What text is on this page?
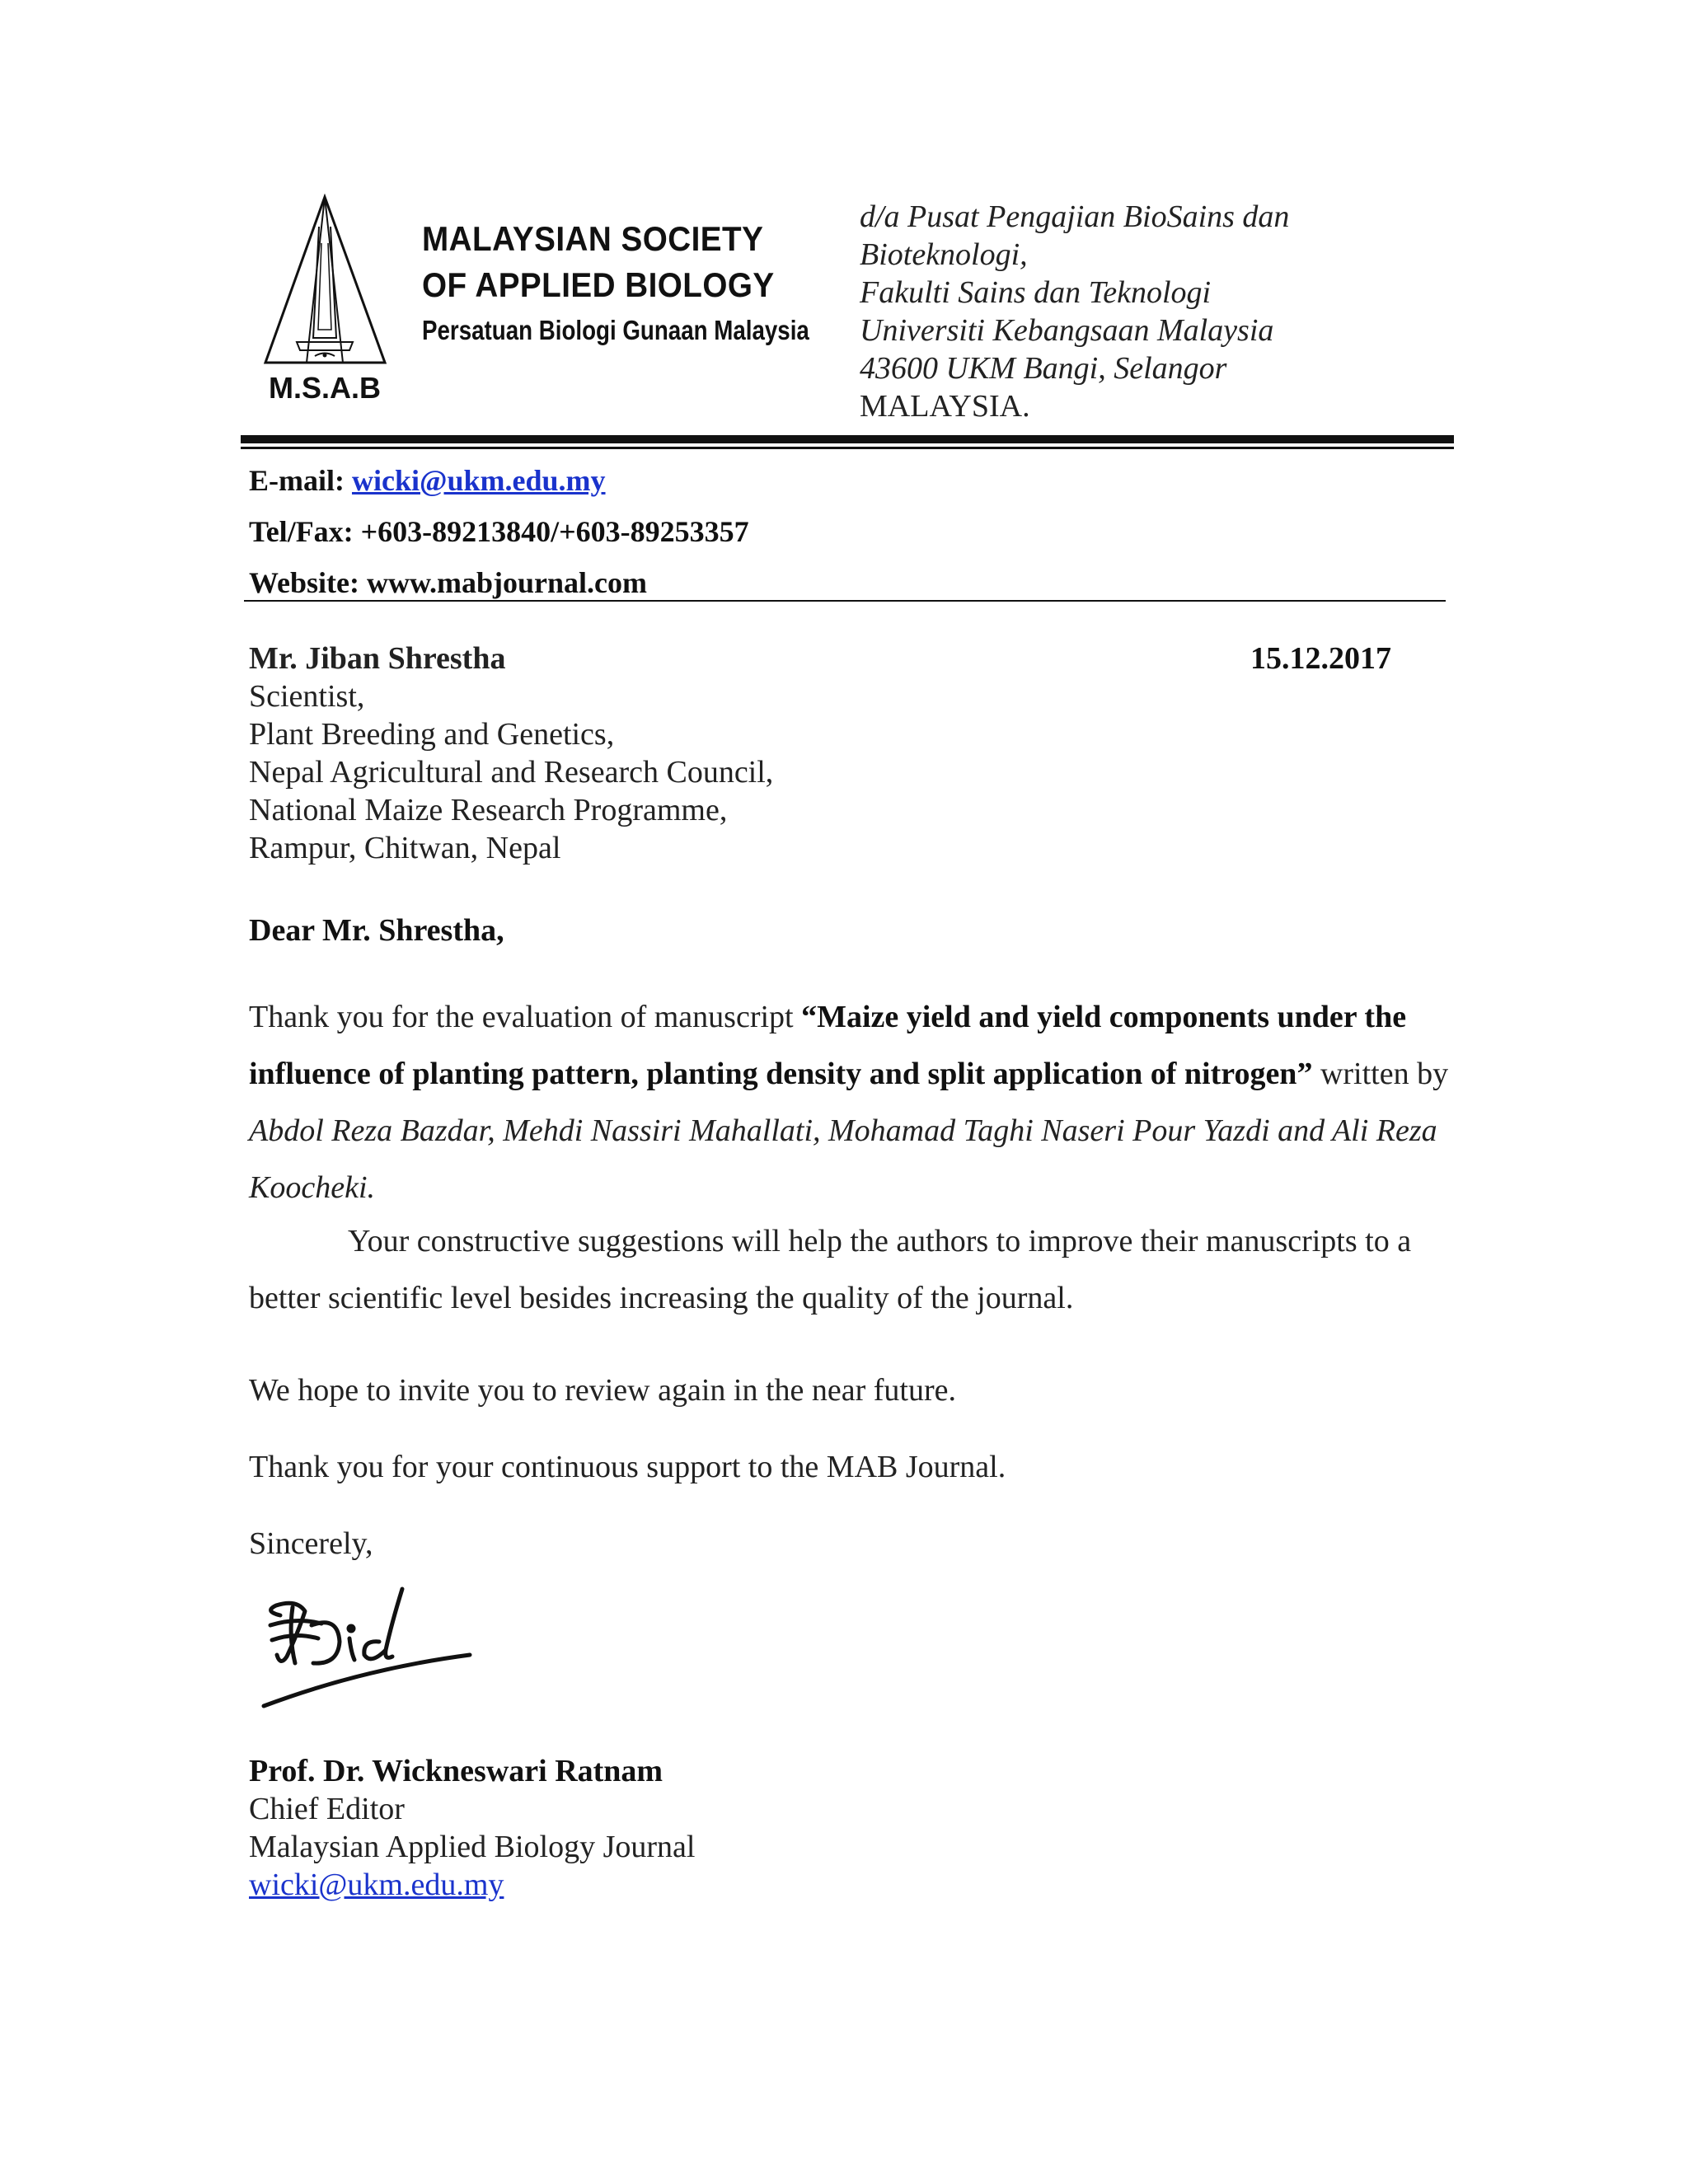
M.S.A.B
MALAYSIAN SOCIETY
OF APPLIED BIOLOGY
Persatuan Biologi Gunaan Malaysia
d/a Pusat Pengajian BioSains dan
Bioteknologi,
Fakulti Sains dan Teknologi
Universiti Kebangsaan Malaysia
43600 UKM Bangi, Selangor
MALAYSIA.
E-mail: wicki@ukm.edu.my
Tel/Fax: +603-89213840/+603-89253357
Website: www.mabjournal.com
Mr. Jiban Shrestha
Scientist,
Plant Breeding and Genetics,
Nepal Agricultural and Research Council,
National Maize Research Programme,
Rampur, Chitwan, Nepal
15.12.2017
Dear Mr. Shrestha,
Thank you for the evaluation of manuscript “Maize yield and yield components under the influence of planting pattern, planting density and split application of nitrogen” written by Abdol Reza Bazdar, Mehdi Nassiri Mahallati, Mohamad Taghi Naseri Pour Yazdi and Ali Reza Koocheki.
Your constructive suggestions will help the authors to improve their manuscripts to a better scientific level besides increasing the quality of the journal.
We hope to invite you to review again in the near future.
Thank you for your continuous support to the MAB Journal.
Sincerely,
Prof. Dr. Wickneswari Ratnam
Chief Editor
Malaysian Applied Biology Journal
wicki@ukm.edu.my
